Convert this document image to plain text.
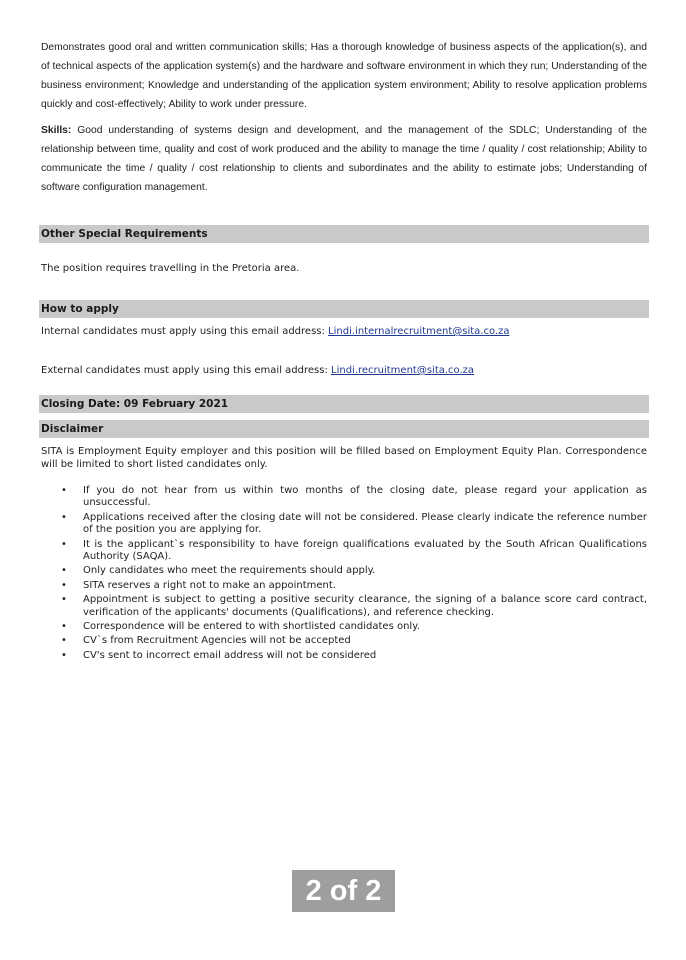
Demonstrates good oral and written communication skills; Has a thorough knowledge of business aspects of the application(s), and of technical aspects of the application system(s) and the hardware and software environment in which they run; Understanding of the business environment; Knowledge and understanding of the application system environment; Ability to resolve application problems quickly and cost-effectively; Ability to work under pressure.

Skills: Good understanding of systems design and development, and the management of the SDLC; Understanding of the relationship between time, quality and cost of work produced and the ability to manage the time / quality / cost relationship; Ability to communicate the time / quality / cost relationship to clients and subordinates and the ability to estimate jobs; Understanding of software configuration management.

Other Special Requirements
The position requires travelling in the Pretoria area.
How to apply
Internal candidates must apply using this email address: Lindi.internalrecruitment@sita.co.za
External candidates must apply using this email address: Lindi.recruitment@sita.co.za
Closing Date: 09 February 2021
Disclaimer

SITA is Employment Equity employer and this position will be filled based on Employment Equity Plan. Correspondence will be limited to short listed candidates only.

• If you do not hear from us within two months of the closing date, please regard your application as unsuccessful.
• Applications received after the closing date will not be considered. Please clearly indicate the reference number of the position you are applying for.
• It is the applicant`s responsibility to have foreign qualifications evaluated by the South African Qualifications Authority (SAQA).
• Only candidates who meet the requirements should apply.
• SITA reserves a right not to make an appointment.
• Appointment is subject to getting a positive security clearance, the signing of a balance score card contract, verification of the applicants' documents (Qualifications), and reference checking.
• Correspondence will be entered to with shortlisted candidates only.
• CV`s from Recruitment Agencies will not be accepted
• CV's sent to incorrect email address will not be considered
2 of 2
